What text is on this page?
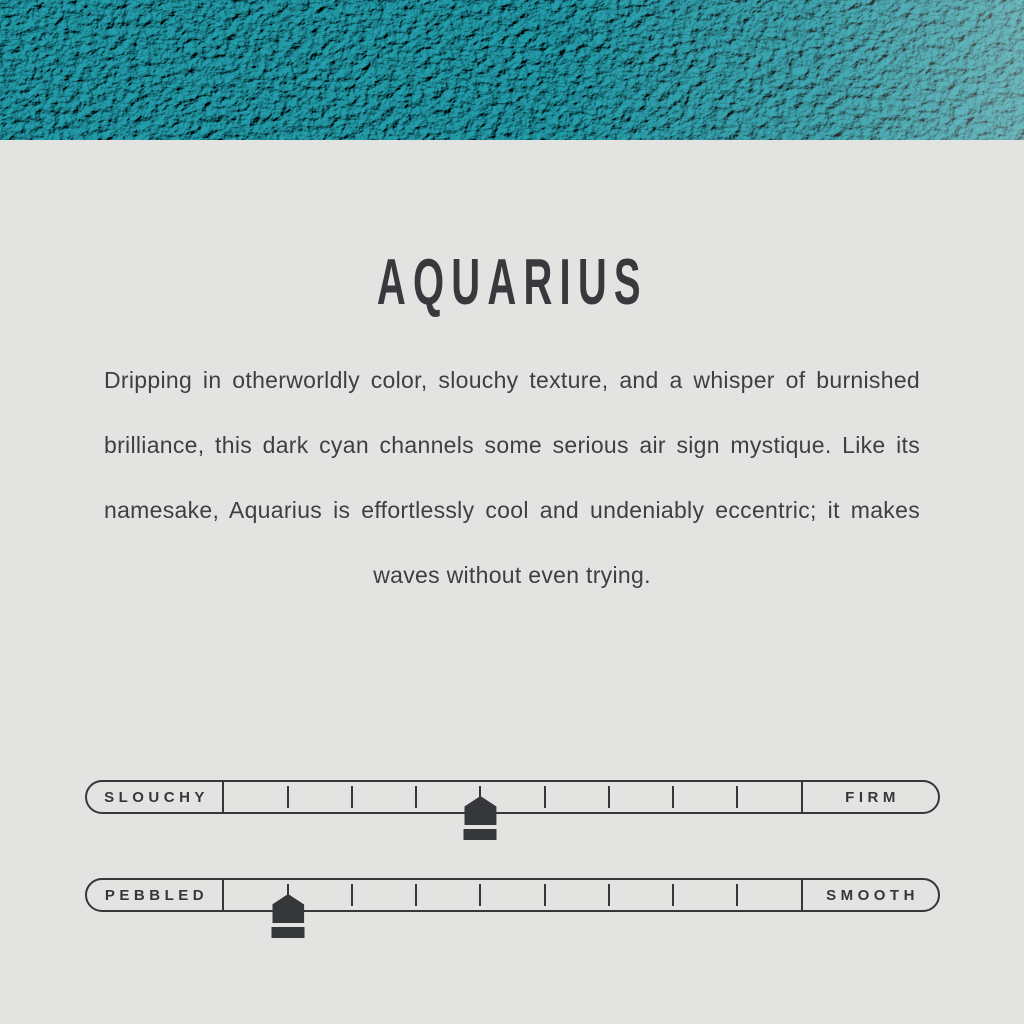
AQUARIUS

Dripping in otherworldly color, slouchy texture, and a whisper of burnished brilliance, this dark cyan channels some serious air sign mystique. Like its namesake, Aquarius is effortlessly cool and undeniably eccentric; it makes waves without even trying.

SLOUCHY	FIRM
PEBBLED	SMOOTH
